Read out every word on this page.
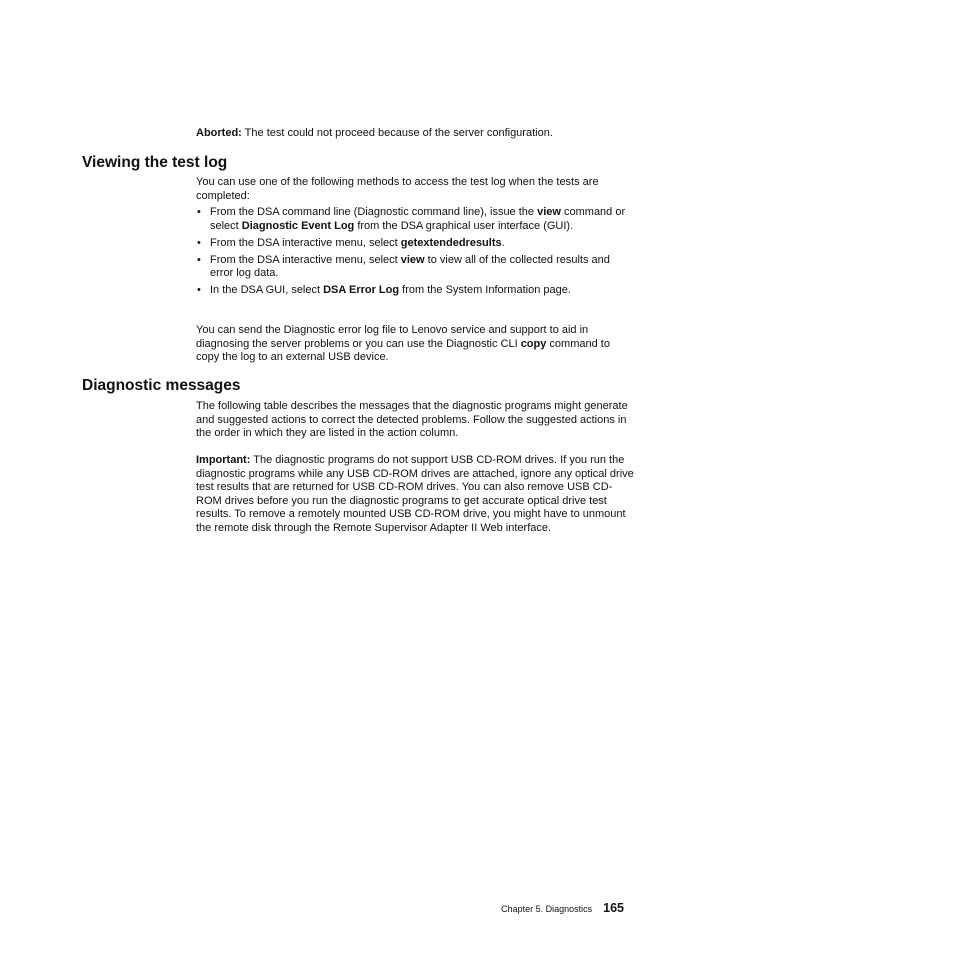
Aborted: The test could not proceed because of the server configuration.

Viewing the test log

You can use one of the following methods to access the test log when the tests are completed:

• From the DSA command line (Diagnostic command line), issue the view command or select Diagnostic Event Log from the DSA graphical user interface (GUI).
• From the DSA interactive menu, select getextendedresults.
• From the DSA interactive menu, select view to view all of the collected results and error log data.
• In the DSA GUI, select DSA Error Log from the System Information page.

You can send the Diagnostic error log file to Lenovo service and support to aid in diagnosing the server problems or you can use the Diagnostic CLI copy command to copy the log to an external USB device.

Diagnostic messages

The following table describes the messages that the diagnostic programs might generate and suggested actions to correct the detected problems. Follow the suggested actions in the order in which they are listed in the action column.

Important: The diagnostic programs do not support USB CD-ROM drives. If you run the diagnostic programs while any USB CD-ROM drives are attached, ignore any optical drive test results that are returned for USB CD-ROM drives. You can also remove USB CD-ROM drives before you run the diagnostic programs to get accurate optical drive test results. To remove a remotely mounted USB CD-ROM drive, you might have to unmount the remote disk through the Remote Supervisor Adapter II Web interface.

Chapter 5. Diagnostics 165
